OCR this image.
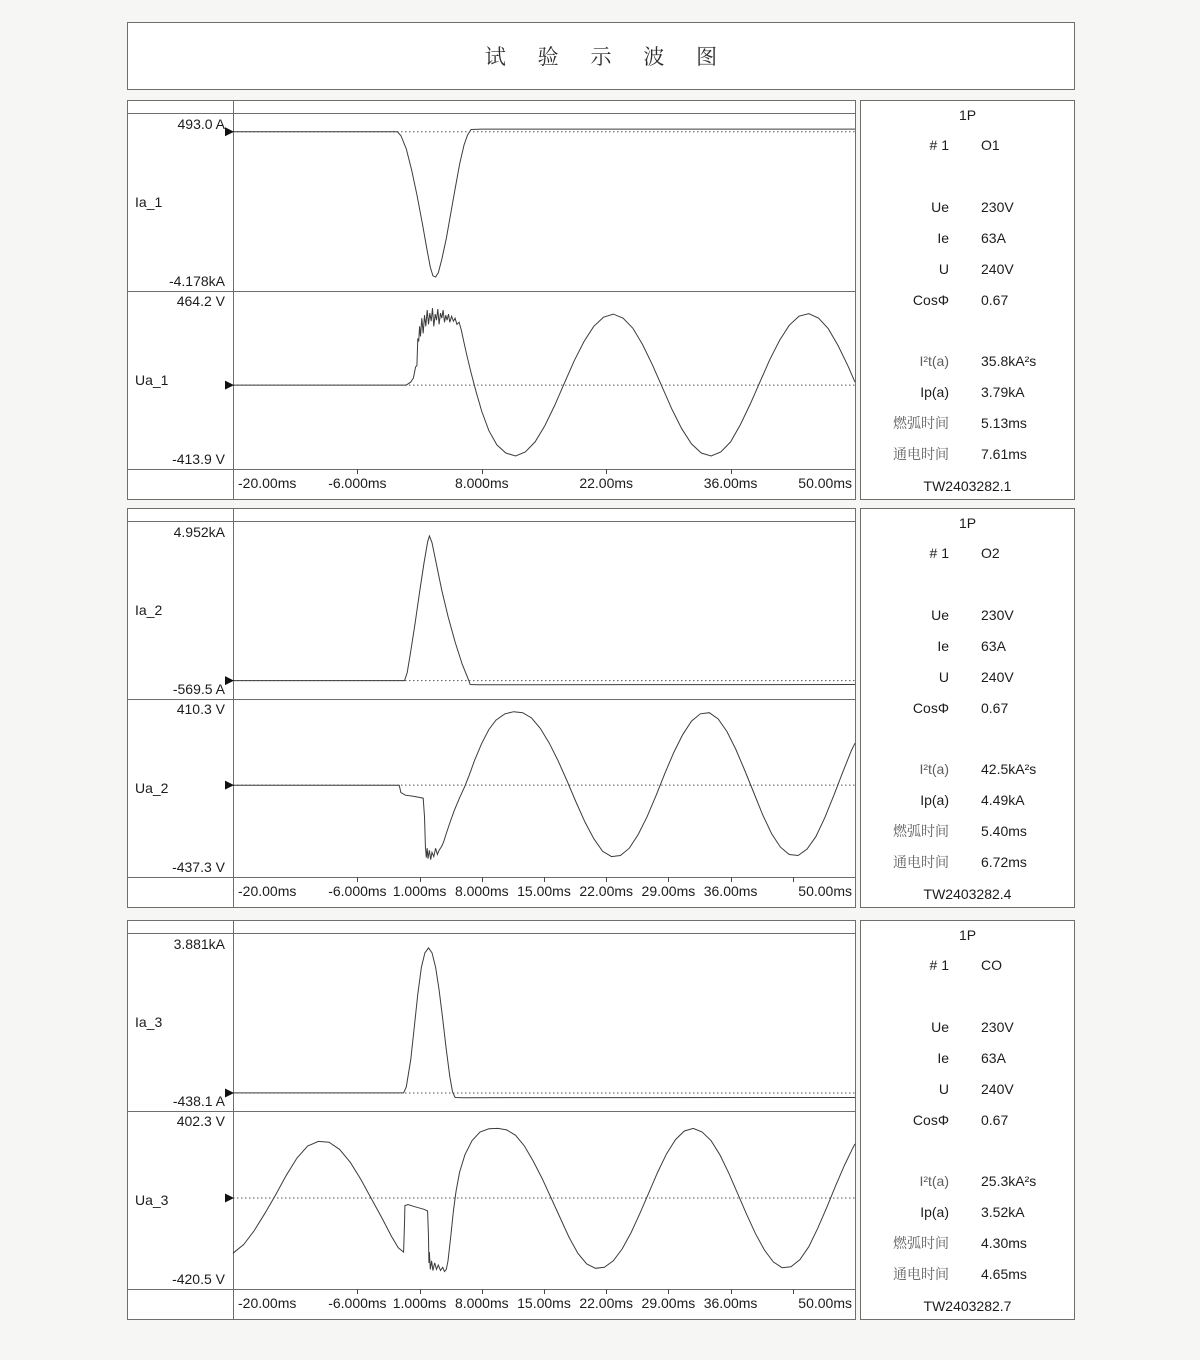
试 验 示 波 图
493.0 A
-4.178kA
Ia_1
464.2 V
-413.9 V
Ua_1
-20.00ms	-6.000ms	8.000ms	22.00ms	36.00ms	50.00ms
1P
# 1 O1
Ue 230V
Ie 63A
U 240V
CosΦ 0.67
I²t(a) 35.8kA²s
Ip(a) 3.79kA
燃弧时间 5.13ms
通电时间 7.61ms
TW2403282.1
4.952kA
-569.5 A
Ia_2
410.3 V
-437.3 V
Ua_2
-20.00ms	-6.000ms 1.000ms 8.000ms 15.00ms 22.00ms 29.00ms 36.00ms	50.00ms
1P
# 1 O2
Ue 230V
Ie 63A
U 240V
CosΦ 0.67
I²t(a) 42.5kA²s
Ip(a) 4.49kA
燃弧时间 5.40ms
通电时间 6.72ms
TW2403282.4
3.881kA
-438.1 A
Ia_3
402.3 V
-420.5 V
Ua_3
-20.00ms	-6.000ms 1.000ms 8.000ms 15.00ms 22.00ms 29.00ms 36.00ms	50.00ms
1P
# 1 CO
Ue 230V
Ie 63A
U 240V
CosΦ 0.67
I²t(a) 25.3kA²s
Ip(a) 3.52kA
燃弧时间 4.30ms
通电时间 4.65ms
TW2403282.7
